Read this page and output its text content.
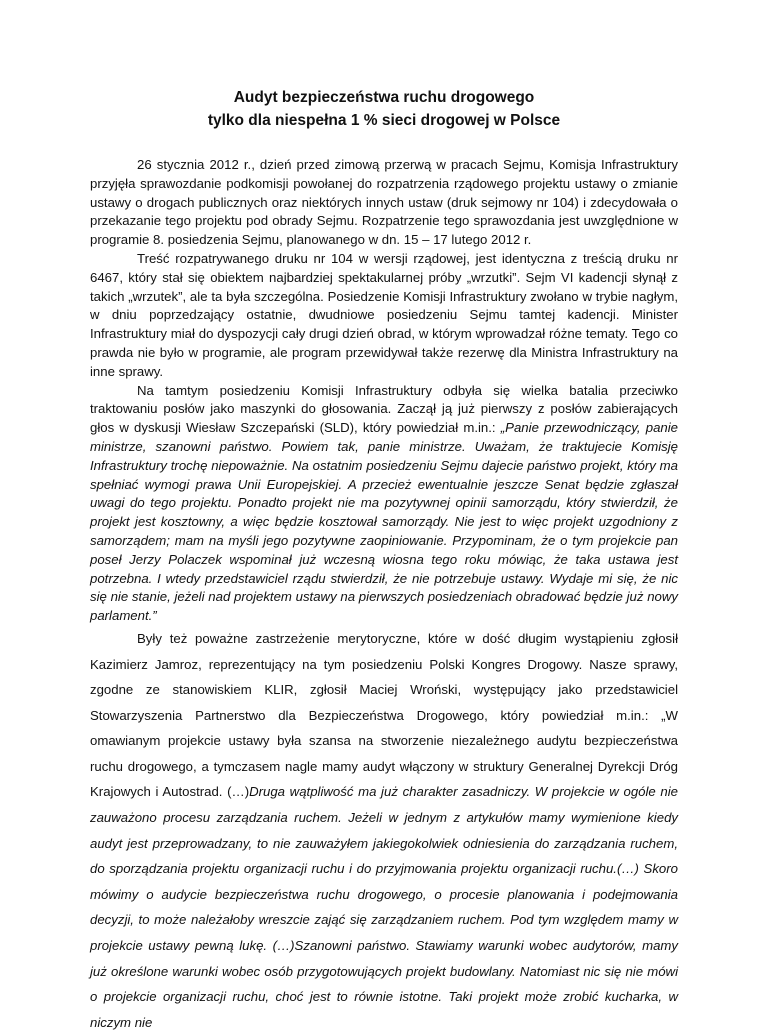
Audyt bezpieczeństwa ruchu drogowego
tylko dla niespełna 1 % sieci drogowej w Polsce

26 stycznia 2012 r., dzień przed zimową przerwą w pracach Sejmu, Komisja Infrastruktury przyjęła sprawozdanie podkomisji powołanej do rozpatrzenia rządowego projektu ustawy o zmianie ustawy o drogach publicznych oraz niektórych innych ustaw (druk sejmowy nr 104) i zdecydowała o przekazanie tego projektu pod obrady Sejmu. Rozpatrzenie tego sprawozdania jest uwzględnione w programie 8. posiedzenia Sejmu, planowanego w dn. 15 – 17 lutego 2012 r.

Treść rozpatrywanego druku nr 104 w wersji rządowej, jest identyczna z treścią druku nr 6467, który stał się obiektem najbardziej spektakularnej próby „wrzutki”. Sejm VI kadencji słynął z takich „wrzutek”, ale ta była szczególna. Posiedzenie Komisji Infrastruktury zwołano w trybie nagłym, w dniu poprzedzający ostatnie, dwudniowe posiedzeniu Sejmu tamtej kadencji. Minister Infrastruktury miał do dyspozycji cały drugi dzień obrad, w którym wprowadzał różne tematy. Tego co prawda nie było w programie, ale program przewidywał także rezerwę dla Ministra Infrastruktury na inne sprawy.

Na tamtym posiedzeniu Komisji Infrastruktury odbyła się wielka batalia przeciwko traktowaniu posłów jako maszynki do głosowania. Zaczął ją już pierwszy z posłów zabierających głos w dyskusji Wiesław Szczepański (SLD), który powiedział m.in.: „Panie przewodniczący, panie ministrze, szanowni państwo. Powiem tak, panie ministrze. Uważam, że traktujecie Komisję Infrastruktury trochę niepoważnie. Na ostatnim posiedzeniu Sejmu dajecie państwo projekt, który ma spełniać wymogi prawa Unii Europejskiej. A przecież ewentualnie jeszcze Senat będzie zgłaszał uwagi do tego projektu. Ponadto projekt nie ma pozytywnej opinii samorządu, który stwierdził, że projekt jest kosztowny, a więc będzie kosztował samorządy. Nie jest to więc projekt uzgodniony z samorządem; mam na myśli jego pozytywne zaopiniowanie. Przypominam, że o tym projekcie pan poseł Jerzy Polaczek wspominał już wczesną wiosna tego roku mówiąc, że taka ustawa jest potrzebna. I wtedy przedstawiciel rządu stwierdził, że nie potrzebuje ustawy. Wydaje mi się, że nic się nie stanie, jeżeli nad projektem ustawy na pierwszych posiedzeniach obradować będzie już nowy parlament.”

Były też poważne zastrzeżenie merytoryczne, które w dość długim wystąpieniu zgłosił Kazimierz Jamroz, reprezentujący na tym posiedzeniu Polski Kongres Drogowy. Nasze sprawy, zgodne ze stanowiskiem KLIR, zgłosił Maciej Wroński, występujący jako przedstawiciel Stowarzyszenia Partnerstwo dla Bezpieczeństwa Drogowego, który powiedział m.in.: „W omawianym projekcie ustawy była szansa na stworzenie niezależnego audytu bezpieczeństwa ruchu drogowego, a tymczasem nagle mamy audyt włączony w struktury Generalnej Dyrekcji Dróg Krajowych i Autostrad. (…)Druga wątpliwość ma już charakter zasadniczy. W projekcie w ogóle nie zauważono procesu zarządzania ruchem. Jeżeli w jednym z artykułów mamy wymienione kiedy audyt jest przeprowadzany, to nie zauważyłem jakiegokolwiek odniesienia do zarządzania ruchem, do sporządzania projektu organizacji ruchu i do przyjmowania projektu organizacji ruchu.(…) Skoro mówimy o audycie bezpieczeństwa ruchu drogowego, o procesie planowania i podejmowania decyzji, to może należałoby wreszcie zająć się zarządzaniem ruchem. Pod tym względem mamy w projekcie ustawy pewną lukę. (…)Szanowni państwo. Stawiamy warunki wobec audytorów, mamy już określone warunki wobec osób przygotowujących projekt budowlany. Natomiast nic się nie mówi o projekcie organizacji ruchu, choć jest to równie istotne. Taki projekt może zrobić kucharka, w niczym nie
